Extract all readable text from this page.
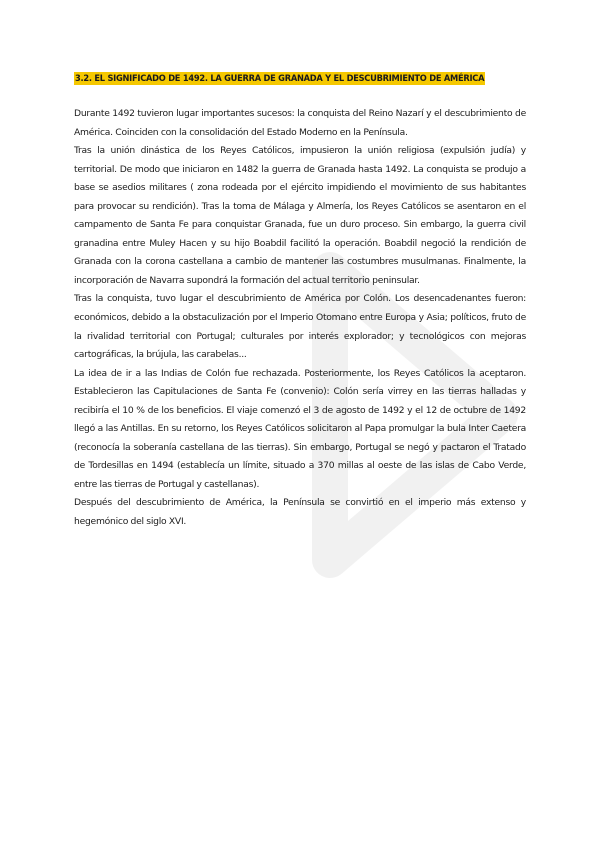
3.2. EL SIGNIFICADO DE 1492. LA GUERRA DE GRANADA Y EL DESCUBRIMIENTO DE AMÉRICA

Durante 1492 tuvieron lugar importantes sucesos: la conquista del Reino Nazarí y el descubrimiento de América. Coinciden con la consolidación del Estado Moderno en la Península.

Tras la unión dinástica de los Reyes Católicos, impusieron la unión religiosa (expulsión judía) y territorial. De modo que iniciaron en 1482 la guerra de Granada hasta 1492. La conquista se produjo a base se asedios militares ( zona rodeada por el ejército impidiendo el movimiento de sus habitantes para provocar su rendición). Tras la toma de Málaga y Almería, los Reyes Católicos se asentaron en el campamento de Santa Fe para conquistar Granada, fue un duro proceso. Sin embargo, la guerra civil granadina entre Muley Hacen y su hijo Boabdil facilitó la operación. Boabdil negoció la rendición de Granada con la corona castellana a cambio de mantener las costumbres musulmanas. Finalmente, la incorporación de Navarra supondrá la formación del actual territorio peninsular.

Tras la conquista, tuvo lugar el descubrimiento de América por Colón. Los desencadenantes fueron: económicos, debido a la obstaculización por el Imperio Otomano entre Europa y Asia; políticos, fruto de la rivalidad territorial con Portugal; culturales por interés explorador; y tecnológicos con mejoras cartográficas, la brújula, las carabelas...

La idea de ir a las Indias de Colón fue rechazada. Posteriormente, los Reyes Católicos la aceptaron. Establecieron las Capitulaciones de Santa Fe (convenio): Colón sería virrey en las tierras halladas y recibiría el 10 % de los beneficios. El viaje comenzó el 3 de agosto de 1492 y el 12 de octubre de 1492 llegó a las Antillas. En su retorno, los Reyes Católicos solicitaron al Papa promulgar la bula Inter Caetera (reconocía la soberanía castellana de las tierras). Sin embargo, Portugal se negó y pactaron el Tratado de Tordesillas en 1494 (establecía un límite, situado a 370 millas al oeste de las islas de Cabo Verde, entre las tierras de Portugal y castellanas).

Después del descubrimiento de América, la Península se convirtió en el imperio más extenso y hegemónico del siglo XVI.
